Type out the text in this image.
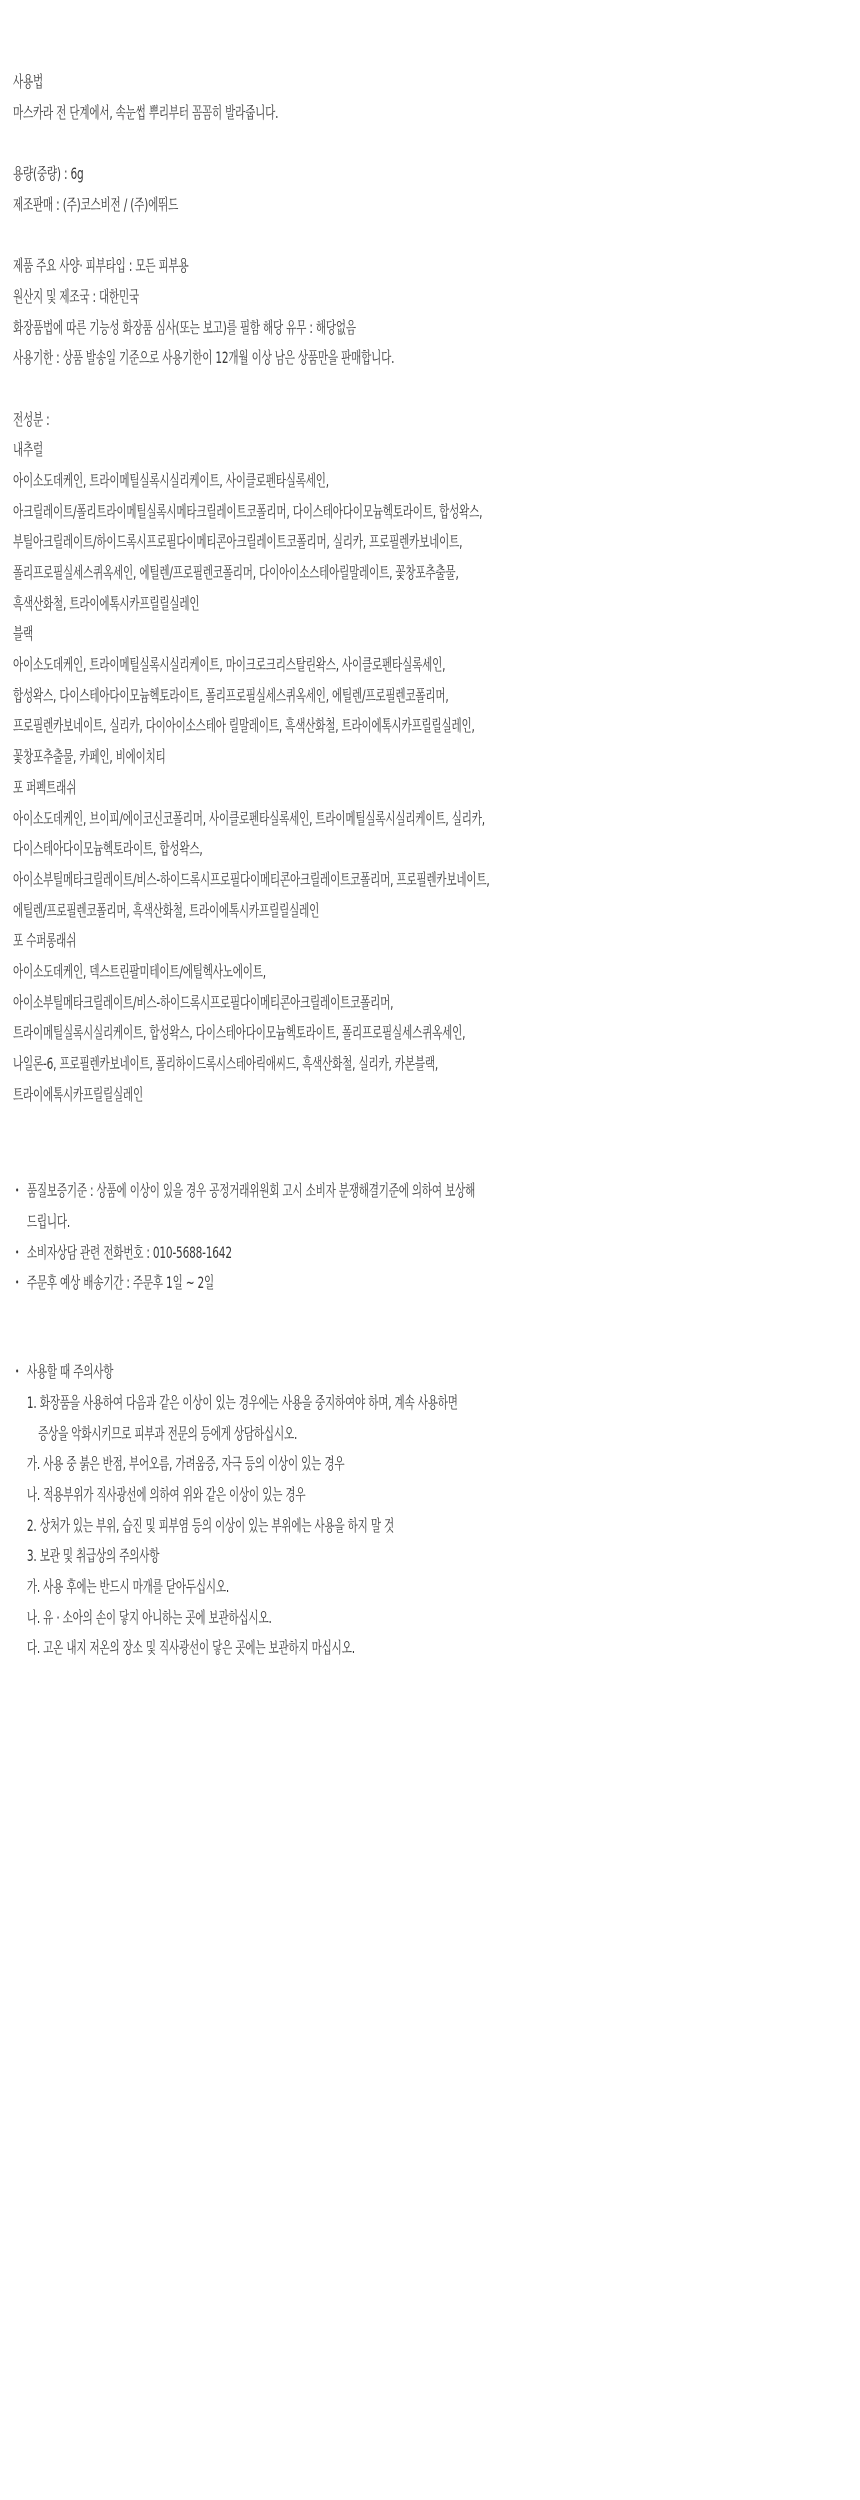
사용법
마스카라 전 단계에서, 속눈썹 뿌리부터 꼼꼼히 발라줍니다.
용량(중량) : 6g
제조판매 : (주)코스비전 / (주)에뛰드
제품 주요 사양· 피부타입 : 모든 피부용
원산지 및 제조국 : 대한민국
화장품법에 따른 기능성 화장품 심사(또는 보고)를 필함 해당 유무 : 해당없음
사용기한 : 상품 발송일 기준으로 사용기한이 12개월 이상 남은 상품만을 판매합니다.
전성분 :
내추럴
아이소도데케인, 트라이메틸실록시실리케이트, 사이클로펜타실록세인,
아크릴레이트/폴리트라이메틸실록시메타크릴레이트코폴리머, 다이스테아다이모늄헥토라이트, 합성왁스,
부틸아크릴레이트/하이드록시프로필다이메티콘아크릴레이트코폴리머, 실리카, 프로필렌카보네이트,
폴리프로필실세스퀴옥세인, 에틸렌/프로필렌코폴리머, 다이아이소스테아릴말레이트, 꽃창포추출물,
흑색산화철, 트라이에톡시카프릴릴실레인
블랙
아이소도데케인, 트라이메틸실록시실리케이트, 마이크로크리스탈린왁스, 사이클로펜타실록세인,
합성왁스, 다이스테아다이모늄헥토라이트, 폴리프로필실세스퀴옥세인, 에틸렌/프로필렌코폴리머,
프로필렌카보네이트, 실리카, 다이아이소스테아 릴말레이트, 흑색산화철, 트라이에톡시카프릴릴실레인,
꽃창포추출물, 카페인, 비에이치티
포 퍼펙트래쉬
아이소도데케인, 브이피/에이코신코폴리머, 사이클로펜타실록세인, 트라이메틸실록시실리케이트, 실리카,
다이스테아다이모늄헥토라이트, 합성왁스,
아이소부틸메타크릴레이트/비스-하이드록시프로필다이메티콘아크릴레이트코폴리머, 프로필렌카보네이트,
에틸렌/프로필렌코폴리머, 흑색산화철, 트라이에톡시카프릴릴실레인
포 수퍼롱래쉬
아이소도데케인, 덱스트린팔미테이트/에틸헥사노에이트,
아이소부틸메타크릴레이트/비스-하이드록시프로필다이메티콘아크릴레이트코폴리머,
트라이메틸실록시실리케이트, 합성왁스, 다이스테아다이모늄헥토라이트, 폴리프로필실세스퀴옥세인,
나일론-6, 프로필렌카보네이트, 폴리하이드록시스테아릭애씨드, 흑색산화철, 실리카, 카본블랙,
트라이에톡시카프릴릴실레인
• 품질보증기준 : 상품에 이상이 있을 경우 공정거래위원회 고시 소비자 분쟁해결기준에 의하여 보상해
드립니다.
• 소비자상담 관련 전화번호 : 010-5688-1642
• 주문후 예상 배송기간 : 주문후 1일 ~ 2일
• 사용할 때 주의사항
1. 화장품을 사용하여 다음과 같은 이상이 있는 경우에는 사용을 중지하여야 하며, 계속 사용하면
증상을 악화시키므로 피부과 전문의 등에게 상담하십시오.
가. 사용 중 붉은 반점, 부어오름, 가려움증, 자극 등의 이상이 있는 경우
나. 적용부위가 직사광선에 의하여 위와 같은 이상이 있는 경우
2. 상처가 있는 부위, 습진 및 피부염 등의 이상이 있는 부위에는 사용을 하지 말 것
3. 보관 및 취급상의 주의사항
가. 사용 후에는 반드시 마개를 닫아두십시오.
나. 유 · 소아의 손이 닿지 아니하는 곳에 보관하십시오.
다. 고온 내지 저온의 장소 및 직사광선이 닿은 곳에는 보관하지 마십시오.
